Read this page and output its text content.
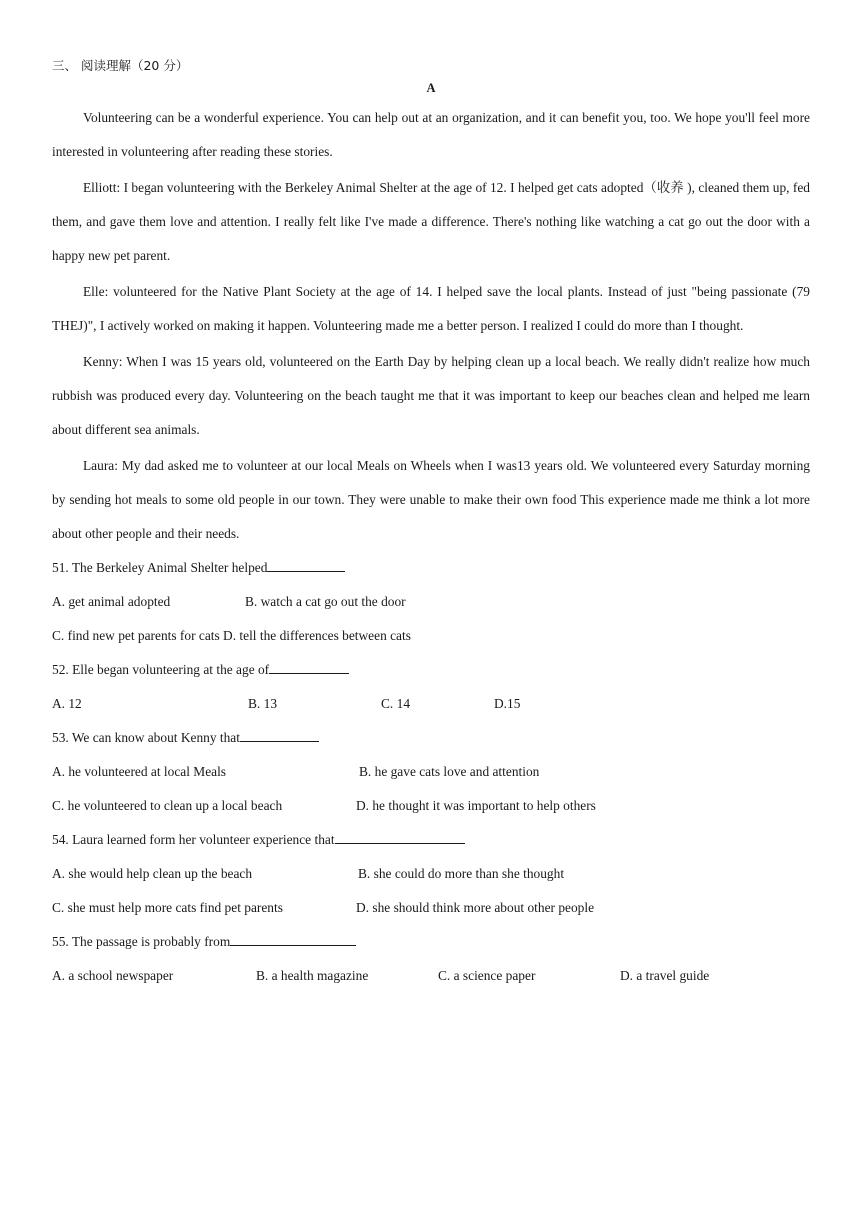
三、 阅读理解（20 分）
A

Volunteering can be a wonderful experience. You can help out at an organization, and it can benefit you, too. We hope you'll feel more interested in volunteering after reading these stories.

Elliott: I began volunteering with the Berkeley Animal Shelter at the age of 12. I helped get cats adopted（收养 ), cleaned them up, fed them, and gave them love and attention. I really felt like I've made a difference. There's nothing like watching a cat go out the door with a happy new pet parent.

Elle: volunteered for the Native Plant Society at the age of 14. I helped save the local plants. Instead of just "being passionate (79 THEJ)", I actively worked on making it happen. Volunteering made me a better person. I realized I could do more than I thought.

Kenny: When I was 15 years old, volunteered on the Earth Day by helping clean up a local beach. We really didn't realize how much rubbish was produced every day. Volunteering on the beach taught me that it was important to keep our beaches clean and helped me learn about different sea animals.

Laura: My dad asked me to volunteer at our local Meals on Wheels when I was13 years old. We volunteered every Saturday morning by sending hot meals to some old people in our town. They were unable to make their own food This experience made me think a lot more about other people and their needs.

51. The Berkeley Animal Shelter helped
A. get animal adopted	B. watch a cat go out the door
C. find new pet parents for cats D. tell the differences between cats
52. Elle began volunteering at the age of
A. 12	B. 13	C. 14	D.15
53. We can know about Kenny that
A. he volunteered at local Meals	B. he gave cats love and attention
C. he volunteered to clean up a local beach	D. he thought it was important to help others
54. Laura learned form her volunteer experience that
A. she would help clean up the beach	B. she could do more than she thought
C. she must help more cats find pet parents	D. she should think more about other people
55. The passage is probably from
A. a school newspaper	B. a health magazine	C. a science paper	D. a travel guide
